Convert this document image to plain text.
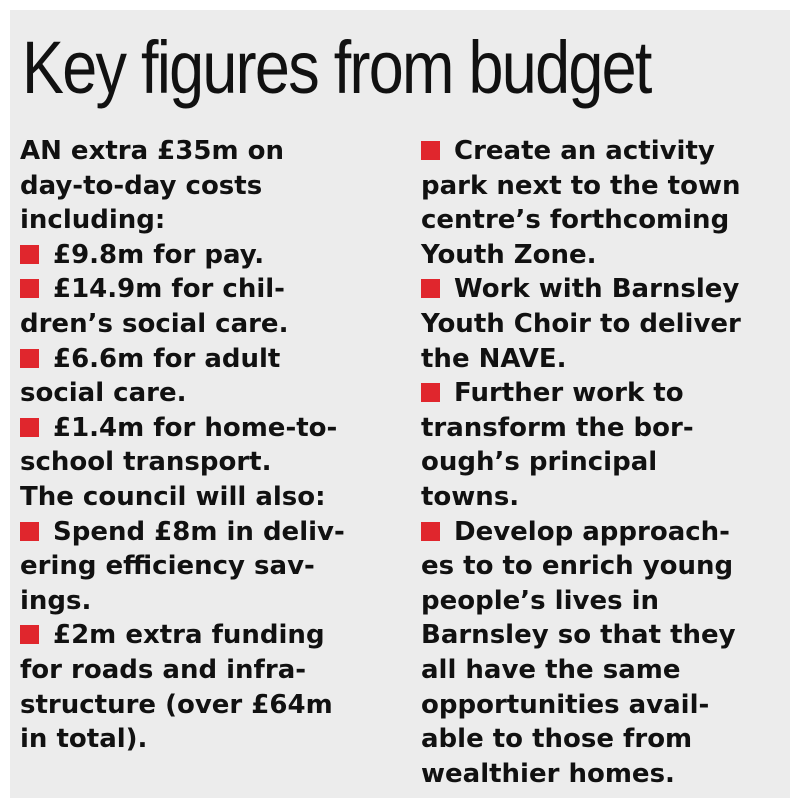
Key figures from budget
AN extra £35m on
day-to-day costs
including:
£9.8m for pay.
£14.9m for chil-
dren’s social care.
£6.6m for adult
social care.
£1.4m for home-to-
school transport.
The council will also:
Spend £8m in deliv-
ering efficiency sav-
ings.
£2m extra funding
for roads and infra-
structure (over £64m
in total).
Create an activity
park next to the town
centre’s forthcoming
Youth Zone.
Work with Barnsley
Youth Choir to deliver
the NAVE.
Further work to
transform the bor-
ough’s principal
towns.
Develop approach-
es to to enrich young
people’s lives in
Barnsley so that they
all have the same
opportunities avail-
able to those from
wealthier homes.
